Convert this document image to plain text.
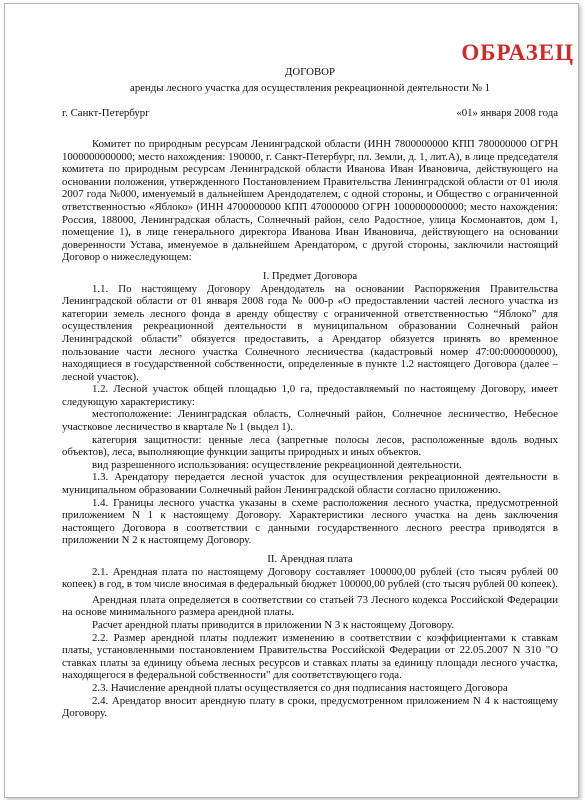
ОБРАЗЕЦ
ДОГОВОР
аренды лесного участка для осуществления рекреационной деятельности № 1
г. Санкт-Петербург	«01» января 2008 года

Комитет по природным ресурсам Ленинградской области (ИНН 7800000000 КПП 780000000 ОГРН 1000000000000; место нахождения: 190000, г. Санкт-Петербург, пл. Земли, д. 1, лит.А), в лице председателя комитета по природным ресурсам Ленинградской области Иванова Иван Ивановича, действующего на основании положения, утвержденного Постановлением Правительства Ленинградской области от 01 июля 2007 года №000, именуемый в дальнейшем Арендодателем, с одной стороны, и Общество с ограниченной ответственностью «Яблоко» (ИНН 4700000000 КПП 470000000 ОГРН 1000000000000; место нахождения: Россия, 188000, Ленинградская область, Солнечный район, село Радостное, улица Космонавтов, дом 1, помещение 1), в лице генерального директора Иванова Иван Ивановича, действующего на основании доверенности Устава, именуемое в дальнейшем Арендатором, с другой стороны, заключили настоящий Договор о нижеследующем:

I. Предмет Договора

1.1. По настоящему Договору Арендодатель на основании Распоряжения Правительства Ленинградской области от 01 января 2008 года № 000-р «О предоставлении частей лесного участка из категории земель лесного фонда в аренду обществу с ограниченной ответственностью “Яблоко” для осуществления рекреационной деятельности в муниципальном образовании Солнечный район Ленинградской области” обязуется предоставить, а Арендатор обязуется принять во временное пользование части лесного участка Солнечного лесничества (кадастровый номер 47:00:000000000), находящиеся в государственной собственности, определенные в пункте 1.2 настоящего Договора (далее – лесной участок).

1.2. Лесной участок общей площадью 1,0 га, предоставляемый по настоящему Договору, имеет следующую характеристику:

местоположение: Ленинградская область, Солнечный район, Солнечное лесничество, Небесное участковое лесничество в квартале № 1 (выдел 1).

категория защитности: ценные леса (запретные полосы лесов, расположенные вдоль водных объектов), леса, выполняющие функции защиты природных и иных объектов.

вид разрешенного использования: осуществление рекреационной деятельности.

1.3. Арендатору передается лесной участок для осуществления рекреационной деятельности в муниципальном образовании Солнечный район Ленинградской области согласно приложению.

1.4. Границы лесного участка указаны в схеме расположения лесного участка, предусмотренной приложением N 1 к настоящему Договору. Характеристики лесного участка на день заключения настоящего Договора в соответствии с данными государственного лесного реестра приводятся в приложении N 2 к настоящему Договору.

II. Арендная плата

2.1. Арендная плата по настоящему Договору составляет 100000,00 рублей (сто тысяч рублей 00 копеек) в год, в том числе вносимая в федеральный бюджет 100000,00 рублей (сто тысяч рублей 00 копеек).

Арендная плата определяется в соответствии со статьей 73 Лесного кодекса Российской Федерации на основе минимального размера арендной платы.

Расчет арендной платы приводится в приложении N 3 к настоящему Договору.

2.2. Размер арендной платы подлежит изменению в соответствии с коэффициентами к ставкам платы, установленными постановлением Правительства Российской Федерации от 22.05.2007 N 310 "О ставках платы за единицу объема лесных ресурсов и ставках платы за единицу площади лесного участка, находящегося в федеральной собственности" для соответствующего года.

2.3. Начисление арендной платы осуществляется со дня подписания настоящего Договора

2.4. Арендатор вносит арендную плату в сроки, предусмотренном приложением N 4 к настоящему Договору.
